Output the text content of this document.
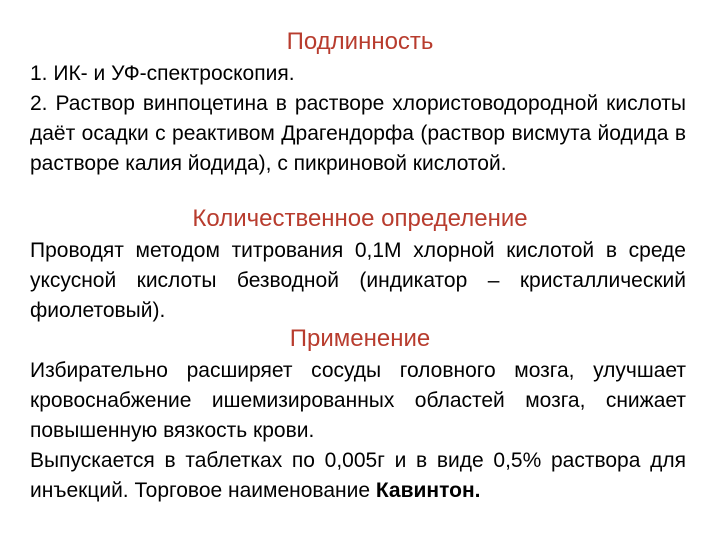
Подлинность

1. ИК- и УФ-спектроскопия.

2. Раствор винпоцетина в растворе хлористоводородной кислоты даёт осадки с реактивом Драгендорфа (раствор висмута йодида в растворе калия йодида), с пикриновой кислотой.

Количественное определение

Проводят методом титрования 0,1М хлорной кислотой в среде уксусной кислоты безводной (индикатор – кристаллический фиолетовый).

Применение

Избирательно расширяет сосуды головного мозга, улучшает кровоснабжение ишемизированных областей мозга, снижает повышенную вязкость крови.

Выпускается в таблетках по 0,005г и в виде 0,5% раствора для инъекций. Торговое наименование Кавинтон.
